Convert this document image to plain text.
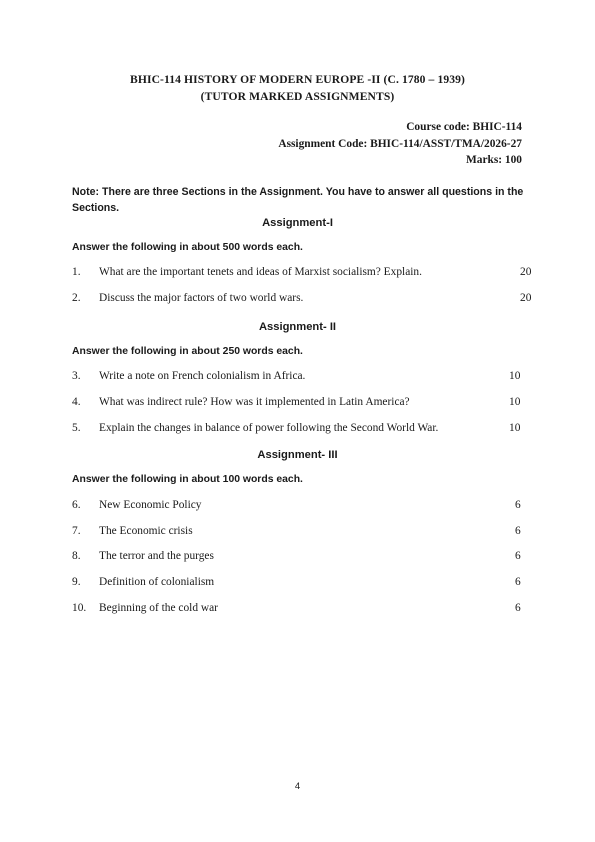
BHIC-114 HISTORY OF MODERN EUROPE -II (C. 1780 – 1939)
(TUTOR MARKED ASSIGNMENTS)
Course code: BHIC-114
Assignment Code: BHIC-114/ASST/TMA/2026-27
Marks: 100
Note: There are three Sections in the Assignment. You have to answer all questions in the Sections.
Assignment-I
Answer the following in about 500 words each.
1. What are the important tenets and ideas of Marxist socialism? Explain.	20
2. Discuss the major factors of two world wars.	20
Assignment- II
Answer the following in about 250 words each.
3. Write a note on French colonialism in Africa.	10
4. What was indirect rule? How was it implemented in Latin America?	10
5. Explain the changes in balance of power following the Second World War.	10
Assignment- III
Answer the following in about 100 words each.
6. New Economic Policy	6
7. The Economic crisis	6
8. The terror and the purges	6
9. Definition of colonialism	6
10. Beginning of the cold war	6
4
